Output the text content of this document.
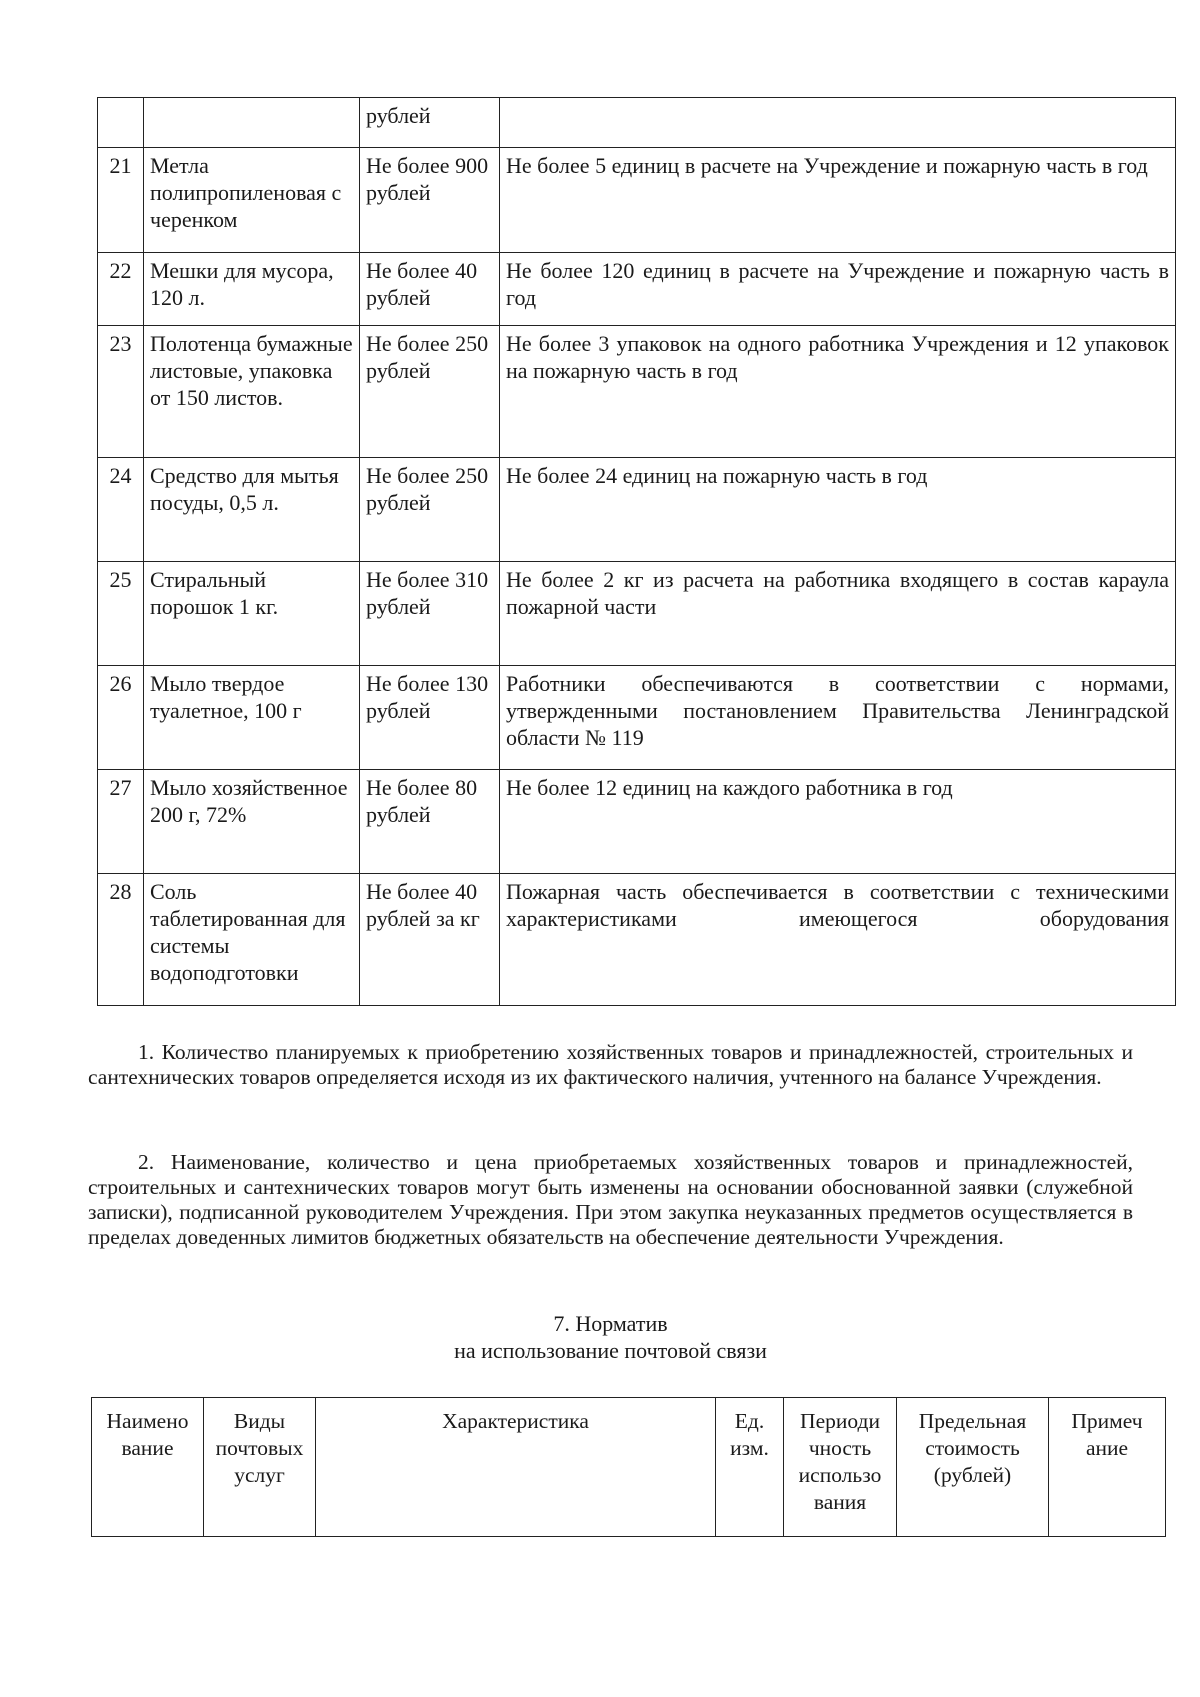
		рублей	
21	Метла полипропиленовая с черенком	Не более 900 рублей	Не более 5 единиц в расчете на Учреждение и пожарную часть в год
22	Мешки для мусора, 120 л.	Не более 40 рублей	Не более 120 единиц в расчете на Учреждение и пожарную часть в год
23	Полотенца бумажные листовые, упаковка от 150 листов.	Не более 250 рублей	Не более 3 упаковок на одного работника Учреждения и 12 упаковок на пожарную часть в год
24	Средство для мытья посуды, 0,5 л.	Не более 250 рублей	Не более 24 единиц на пожарную часть в год
25	Стиральный порошок 1 кг.	Не более 310 рублей	Не более 2 кг из расчета на работника входящего в состав караула пожарной части
26	Мыло твердое туалетное, 100 г	Не более 130 рублей	Работники обеспечиваются в соответствии с нормами, утвержденными постановлением Правительства Ленинградской области № 119
27	Мыло хозяйственное 200 г, 72%	Не более 80 рублей	Не более 12 единиц на каждого работника в год
28	Соль таблетированная для системы водоподготовки	Не более 40 рублей за кг	Пожарная часть обеспечивается в соответствии с техническими характеристиками имеющегося оборудования

1. Количество планируемых к приобретению хозяйственных товаров и принадлежностей, строительных и сантехнических товаров определяется исходя из их фактического наличия, учтенного на балансе Учреждения.

2. Наименование, количество и цена приобретаемых хозяйственных товаров и принадлежностей, строительных и сантехнических товаров могут быть изменены на основании обоснованной заявки (служебной записки), подписанной руководителем Учреждения. При этом закупка неуказанных предметов осуществляется в пределах доведенных лимитов бюджетных обязательств на обеспечение деятельности Учреждения.

7. Норматив

на использование почтовой связи

Наимено вание	Виды почтовых услуг	Характеристика	Ед. изм.	Периоди чность использо вания	Предельная стоимость (рублей)	Примеч ание
